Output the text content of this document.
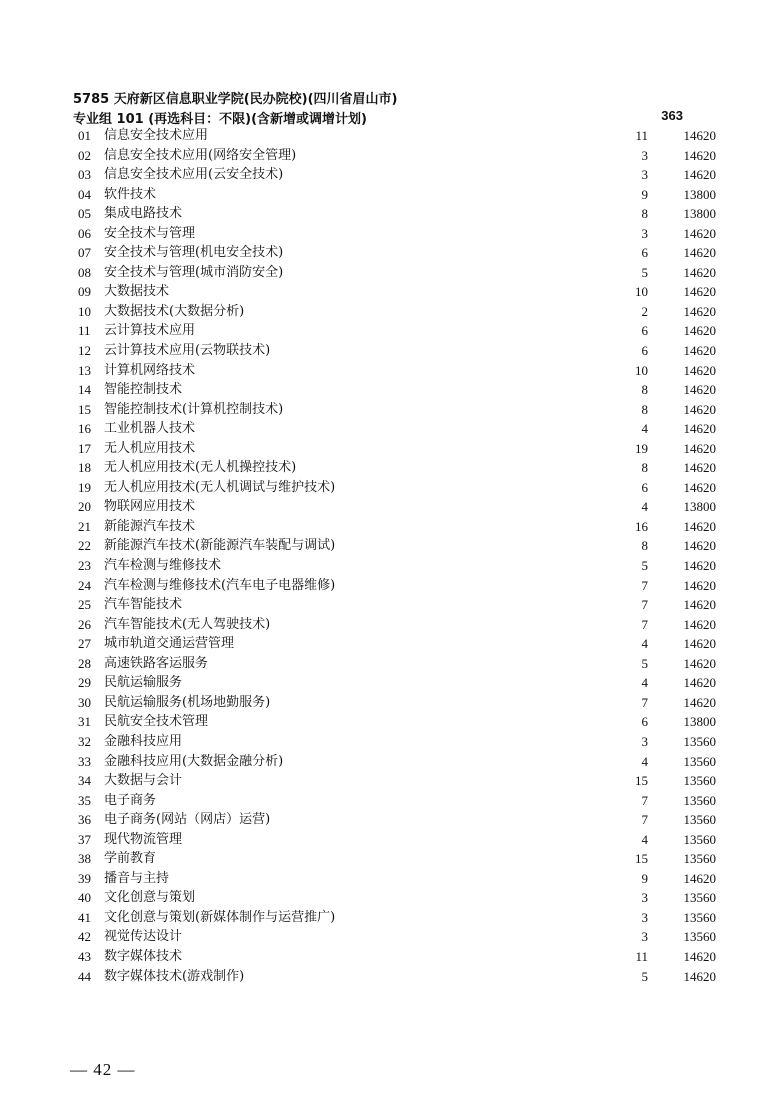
5785 天府新区信息职业学院(民办院校)(四川省眉山市)
专业组 101 (再选科目：不限)(含新增或调增计划)	363
01	信息安全技术应用	11	14620
02	信息安全技术应用(网络安全管理)	3	14620
03	信息安全技术应用(云安全技术)	3	14620
04	软件技术	9	13800
05	集成电路技术	8	13800
06	安全技术与管理	3	14620
07	安全技术与管理(机电安全技术)	6	14620
08	安全技术与管理(城市消防安全)	5	14620
09	大数据技术	10	14620
10	大数据技术(大数据分析)	2	14620
11	云计算技术应用	6	14620
12	云计算技术应用(云物联技术)	6	14620
13	计算机网络技术	10	14620
14	智能控制技术	8	14620
15	智能控制技术(计算机控制技术)	8	14620
16	工业机器人技术	4	14620
17	无人机应用技术	19	14620
18	无人机应用技术(无人机操控技术)	8	14620
19	无人机应用技术(无人机调试与维护技术)	6	14620
20	物联网应用技术	4	13800
21	新能源汽车技术	16	14620
22	新能源汽车技术(新能源汽车装配与调试)	8	14620
23	汽车检测与维修技术	5	14620
24	汽车检测与维修技术(汽车电子电器维修)	7	14620
25	汽车智能技术	7	14620
26	汽车智能技术(无人驾驶技术)	7	14620
27	城市轨道交通运营管理	4	14620
28	高速铁路客运服务	5	14620
29	民航运输服务	4	14620
30	民航运输服务(机场地勤服务)	7	14620
31	民航安全技术管理	6	13800
32	金融科技应用	3	13560
33	金融科技应用(大数据金融分析)	4	13560
34	大数据与会计	15	13560
35	电子商务	7	13560
36	电子商务(网站（网店）运营)	7	13560
37	现代物流管理	4	13560
38	学前教育	15	13560
39	播音与主持	9	14620
40	文化创意与策划	3	13560
41	文化创意与策划(新媒体制作与运营推广)	3	13560
42	视觉传达设计	3	13560
43	数字媒体技术	11	14620
44	数字媒体技术(游戏制作)	5	14620
— 42 —
